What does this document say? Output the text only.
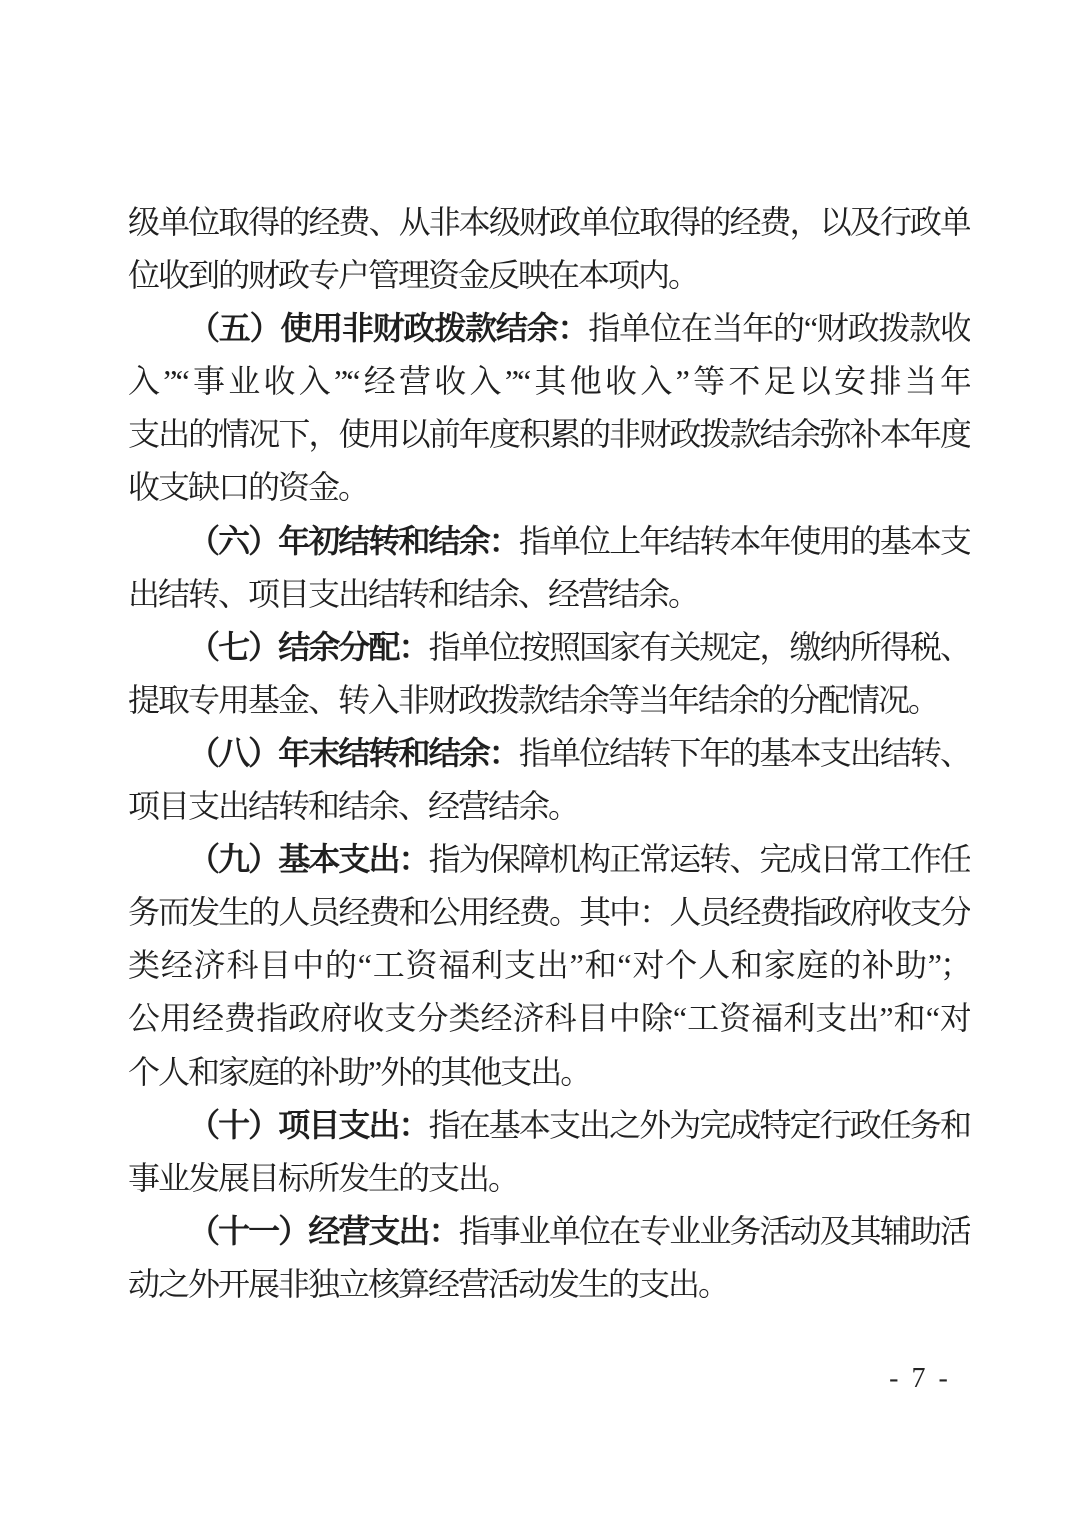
级单位取得的经费、从非本级财政单位取得的经费，以及行政单
位收到的财政专户管理资金反映在本项内。
（五）使用非财政拨款结余：指单位在当年的“财政拨款收
入”“事业收入”“经营收入”“其他收入”等不足以安排当年
支出的情况下，使用以前年度积累的非财政拨款结余弥补本年度
收支缺口的资金。
（六）年初结转和结余：指单位上年结转本年使用的基本支
出结转、项目支出结转和结余、经营结余。
（七）结余分配：指单位按照国家有关规定，缴纳所得税、
提取专用基金、转入非财政拨款结余等当年结余的分配情况。
（八）年末结转和结余：指单位结转下年的基本支出结转、
项目支出结转和结余、经营结余。
（九）基本支出：指为保障机构正常运转、完成日常工作任
务而发生的人员经费和公用经费。其中：人员经费指政府收支分
类经济科目中的“工资福利支出”和“对个人和家庭的补助”；
公用经费指政府收支分类经济科目中除“工资福利支出”和“对
个人和家庭的补助”外的其他支出。
（十）项目支出：指在基本支出之外为完成特定行政任务和
事业发展目标所发生的支出。
（十一）经营支出：指事业单位在专业业务活动及其辅助活
动之外开展非独立核算经营活动发生的支出。
- 7 -
